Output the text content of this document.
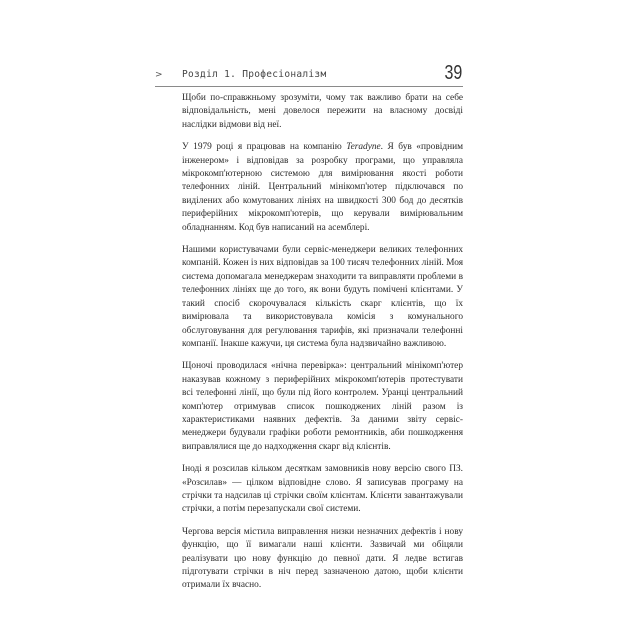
> Розділ 1. Професіоналізм	39

Щоби по-справжньому зрозуміти, чому так важливо брати на себе відповідальність, мені довелося пережити на власному досвіді наслідки відмови від неї.

У 1979 році я працював на компанію Teradyne. Я був «провідним інженером» і відповідав за розробку програми, що управляла мікрокомп'ютерною системою для вимірювання якості роботи телефонних ліній. Центральний мінікомп'ютер підключався по виділених або комутованих лініях на швидкості 300 бод до десятків периферійних мікрокомп'ютерів, що керували вимірювальним обладнанням. Код був написаний на асемблері.

Нашими користувачами були сервіс-менеджери великих телефонних компаній. Кожен із них відповідав за 100 тисяч телефонних ліній. Моя система допомагала менеджерам знаходити та виправляти проблеми в телефонних лініях ще до того, як вони будуть помічені клієнтами. У такий спосіб скорочувалася кількість скарг клієнтів, що їх вимірювала та використовувала комісія з комунального обслуговування для регулювання тарифів, які призначали телефонні компанії. Інакше кажучи, ця система була надзвичайно важливою.

Щоночі проводилася «нічна перевірка»: центральний мінікомп'ютер наказував кожному з периферійних мікрокомп'ютерів протестувати всі телефонні лінії, що були під його контролем. Уранці центральний комп'ютер отримував список пошкоджених ліній разом із характеристиками наявних дефектів. За даними звіту сервіс-менеджери будували графіки роботи ремонтників, аби пошкодження виправлялися ще до надходження скарг від клієнтів.

Іноді я розсилав кільком десяткам замовників нову версію свого ПЗ. «Розсилав» — цілком відповідне слово. Я записував програму на стрічки та надсилав ці стрічки своїм клієнтам. Клієнти завантажували стрічки, а потім перезапускали свої системи.

Чергова версія містила виправлення низки незначних дефектів і нову функцію, що її вимагали наші клієнти. Зазвичай ми обіцяли реалізувати цю нову функцію до певної дати. Я ледве встигав підготувати стрічки в ніч перед зазначеною датою, щоби клієнти отримали їх вчасно.
